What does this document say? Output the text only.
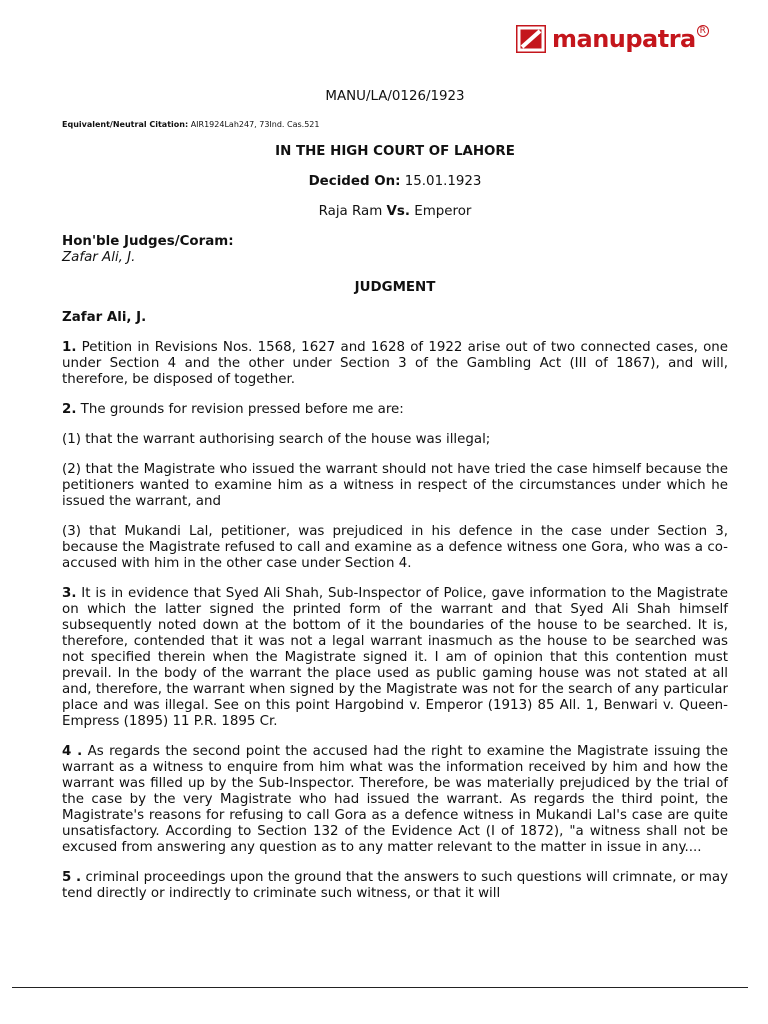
manupatra R
MANU/LA/0126/1923
Equivalent/Neutral Citation: AIR1924Lah247, 73Ind. Cas.521
IN THE HIGH COURT OF LAHORE
Decided On: 15.01.1923
Raja Ram Vs. Emperor
Hon'ble Judges/Coram:
Zafar Ali, J.
JUDGMENT
Zafar Ali, J.

1. Petition in Revisions Nos. 1568, 1627 and 1628 of 1922 arise out of two connected cases, one under Section 4 and the other under Section 3 of the Gambling Act (III of 1867), and will, therefore, be disposed of together.

2. The grounds for revision pressed before me are:

(1) that the warrant authorising search of the house was illegal;

(2) that the Magistrate who issued the warrant should not have tried the case himself because the petitioners wanted to examine him as a witness in respect of the circumstances under which he issued the warrant, and

(3) that Mukandi Lal, petitioner, was prejudiced in his defence in the case under Section 3, because the Magistrate refused to call and examine as a defence witness one Gora, who was a co-accused with him in the other case under Section 4.

3. It is in evidence that Syed Ali Shah, Sub-Inspector of Police, gave information to the Magistrate on which the latter signed the printed form of the warrant and that Syed Ali Shah himself subsequently noted down at the bottom of it the boundaries of the house to be searched. It is, therefore, contended that it was not a legal warrant inasmuch as the house to be searched was not specified therein when the Magistrate signed it. I am of opinion that this contention must prevail. In the body of the warrant the place used as public gaming house was not stated at all and, therefore, the warrant when signed by the Magistrate was not for the search of any particular place and was illegal. See on this point Hargobind v. Emperor (1913) 85 All. 1, Benwari v. Queen-Empress (1895) 11 P.R. 1895 Cr.

4 . As regards the second point the accused had the right to examine the Magistrate issuing the warrant as a witness to enquire from him what was the information received by him and how the warrant was filled up by the Sub-Inspector. Therefore, be was materially prejudiced by the trial of the case by the very Magistrate who had issued the warrant. As regards the third point, the Magistrate's reasons for refusing to call Gora as a defence witness in Mukandi Lal's case are quite unsatisfactory. According to Section 132 of the Evidence Act (I of 1872), "a witness shall not be excused from answering any question as to any matter relevant to the matter in issue in any....

5 . criminal proceedings upon the ground that the answers to such questions will crimnate, or may tend directly or indirectly to criminate such witness, or that it will
